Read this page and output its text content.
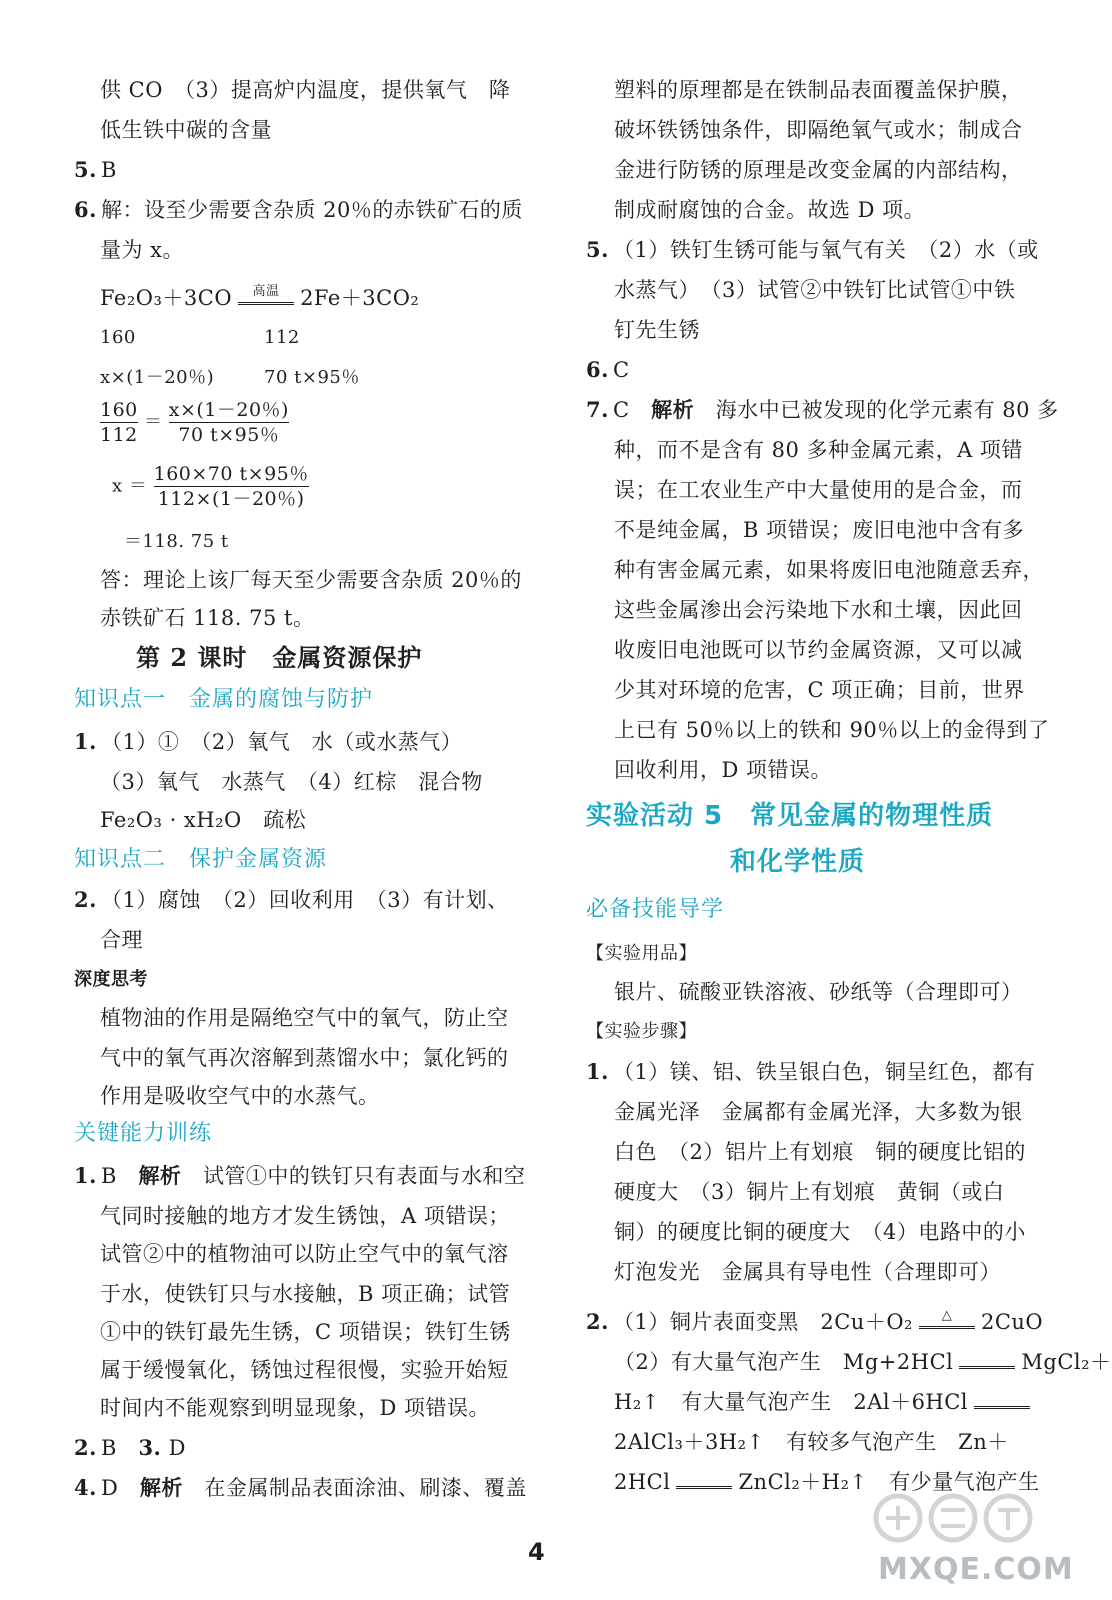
供 CO　（3）提高炉内温度，提供氧气　降
低生铁中碳的含量
5. B
6. 解：设至少需要含杂质 20％的赤铁矿石的质
量为 x。
Fe₂O₃＋3CO	高温 2Fe＋3CO₂
160	112
x×(1－20％)	70 t×95％
$\frac{160}{112} = \frac{x\times(1-20\%)}{70 t\times 95\%}$
$x = \frac{160\times 70 t\times 95\%}{112\times(1-20\%)}$
＝118. 75 t
答：理论上该厂每天至少需要含杂质 20％的
赤铁矿石 118. 75 t。
第 2 课时　金属资源保护
知识点一　金属的腐蚀与防护
1. （1）①　（2）氧气　水（或水蒸气）
（3）氧气　水蒸气　（4）红棕　混合物
Fe₂O₃ · xH₂O　疏松
知识点二　保护金属资源
2. （1）腐蚀　（2）回收利用　（3）有计划、
合理
深度思考
植物油的作用是隔绝空气中的氧气，防止空
气中的氧气再次溶解到蒸馏水中；氯化钙的
作用是吸收空气中的水蒸气。
关键能力训练
1. B　 解析　 试管①中的铁钉只有表面与水和空
气同时接触的地方才发生锈蚀，A 项错误；
试管②中的植物油可以防止空气中的氧气溶
于水，使铁钉只与水接触，B 项正确；试管
①中的铁钉最先生锈，C 项错误；铁钉生锈
属于缓慢氧化，锈蚀过程很慢，实验开始短
时间内不能观察到明显现象，D 项错误。
2. B　3. D
4. D　 解析　 在金属制品表面涂油、刷漆、覆盖
塑料的原理都是在铁制品表面覆盖保护膜，
破坏铁锈蚀条件，即隔绝氧气或水；制成合
金进行防锈的原理是改变金属的内部结构，
制成耐腐蚀的合金。故选 D 项。
5. （1）铁钉生锈可能与氧气有关　（2）水（或
水蒸气）　（3）试管②中铁钉比试管①中铁
钉先生锈
6. C
7. C　 解析　 海水中已被发现的化学元素有 80 多
种，而不是含有 80 多种金属元素，A 项错
误；在工农业生产中大量使用的是合金，而
不是纯金属，B 项错误；废旧电池中含有多
种有害金属元素，如果将废旧电池随意丢弃，
这些金属渗出会污染地下水和土壤，因此回
收废旧电池既可以节约金属资源，又可以减
少其对环境的危害，C 项正确；目前，世界
上已有 50％以上的铁和 90％以上的金得到了
回收利用，D 项错误。
实验活动 5　常见金属的物理性质
和化学性质
必备技能导学
【实验用品】
银片、硫酸亚铁溶液、砂纸等（合理即可）
【实验步骤】
1. （1）镁、铝、铁呈银白色，铜呈红色，都有
金属光泽　金属都有金属光泽，大多数为银
白色　（2）铝片上有划痕　铜的硬度比铝的
硬度大　（3）铜片上有划痕　黄铜（或白
铜）的硬度比铜的硬度大　（4）电路中的小
灯泡发光　金属具有导电性（合理即可）
2. （1）铜片表面变黑　2Cu＋O₂	△	2CuO
（2）有大量气泡产生　Mg+2HCl	MgCl₂＋
H₂↑　有大量气泡产生　2Al＋6HCl
2AlCl₃＋3H₂↑　有较多气泡产生　Zn＋
2HCl	ZnCl₂＋H₂↑　有少量气泡产生
4	MXQE.COM
